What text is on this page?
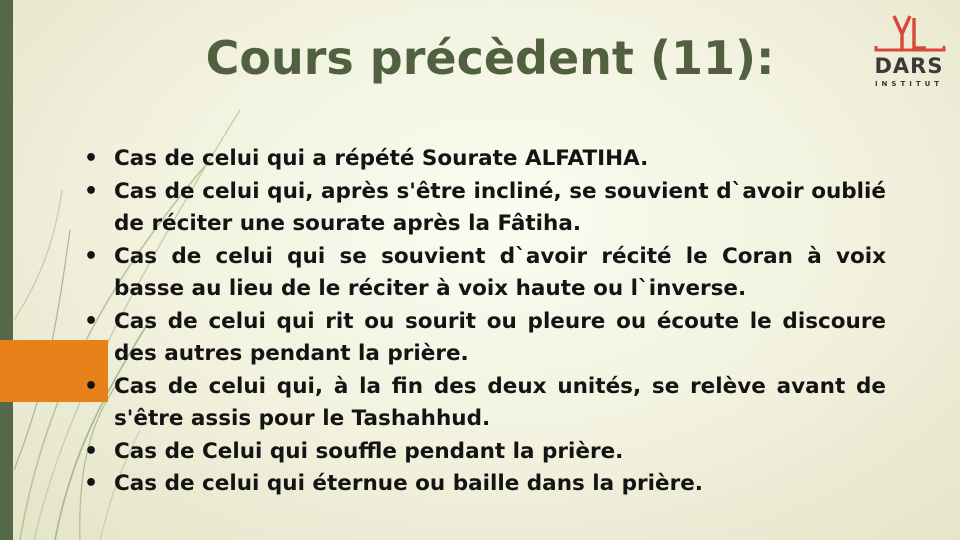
Cours précèdent (11):	DARS
INSTITUT
• Cas de celui qui a répété Sourate ALFATIHA.
• Cas de celui qui, après s'être incliné, se souvient d`avoir oublié de réciter une sourate après la Fâtiha.
• Cas de celui qui se souvient d`avoir récité le Coran à voix basse au lieu de le réciter à voix haute ou l`inverse.
• Cas de celui qui rit ou sourit ou pleure ou écoute le discoure des autres pendant la prière.
• Cas de celui qui, à la fin des deux unités, se relève avant de s'être assis pour le Tashahhud.
• Cas de Celui qui souffle pendant la prière.
• Cas de celui qui éternue ou baille dans la prière.
